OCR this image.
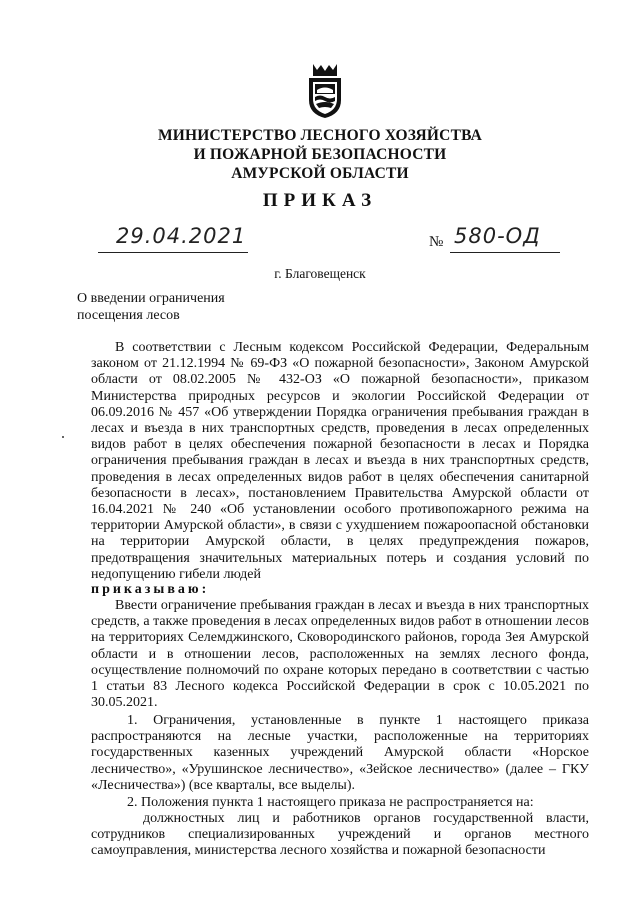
МИНИСТЕРСТВО ЛЕСНОГО ХОЗЯЙСТВА
И ПОЖАРНОЙ БЕЗОПАСНОСТИ
АМУРСКОЙ ОБЛАСТИ
ПРИКАЗ
29.04.2021	№ 580-ОД
г. Благовещенск
О введении ограничения
посещения лесов

В соответствии с Лесным кодексом Российской Федерации, Федеральным законом от 21.12.1994 № 69-ФЗ «О пожарной безопасности», Законом Амурской области от 08.02.2005 № 432-ОЗ «О пожарной безопасности», приказом Министерства природных ресурсов и экологии Российской Федерации от 06.09.2016 № 457 «Об утверждении Порядка ограничения пребывания граждан в лесах и въезда в них транспортных средств, проведения в лесах определенных видов работ в целях обеспечения пожарной безопасности в лесах и Порядка ограничения пребывания граждан в лесах и въезда в них транспортных средств, проведения в лесах определенных видов работ в целях обеспечения санитарной безопасности в лесах», постановлением Правительства Амурской области от 16.04.2021 № 240 «Об установлении особого противопожарного режима на территории Амурской области», в связи с ухудшением пожароопасной обстановки на территории Амурской области, в целях предупреждения пожаров, предотвращения значительных материальных потерь и создания условий по недопущению гибели людей

приказываю:

Ввести ограничение пребывания граждан в лесах и въезда в них транспортных средств, а также проведения в лесах определенных видов работ в отношении лесов на территориях Селемджинского, Сковородинского районов, города Зея Амурской области и в отношении лесов, расположенных на землях лесного фонда, осуществление полномочий по охране которых передано в соответствии с частью 1 статьи 83 Лесного кодекса Российской Федерации в срок с 10.05.2021 по 30.05.2021.

1. Ограничения, установленные в пункте 1 настоящего приказа распространяются на лесные участки, расположенные на территориях государственных казенных учреждений Амурской области «Норское лесничество», «Урушинское лесничество», «Зейское лесничество» (далее – ГКУ «Лесничества») (все кварталы, все выделы).

2. Положения пункта 1 настоящего приказа не распространяется на:

должностных лиц и работников органов государственной власти, сотрудников специализированных учреждений и органов местного самоуправления, министерства лесного хозяйства и пожарной безопасности
